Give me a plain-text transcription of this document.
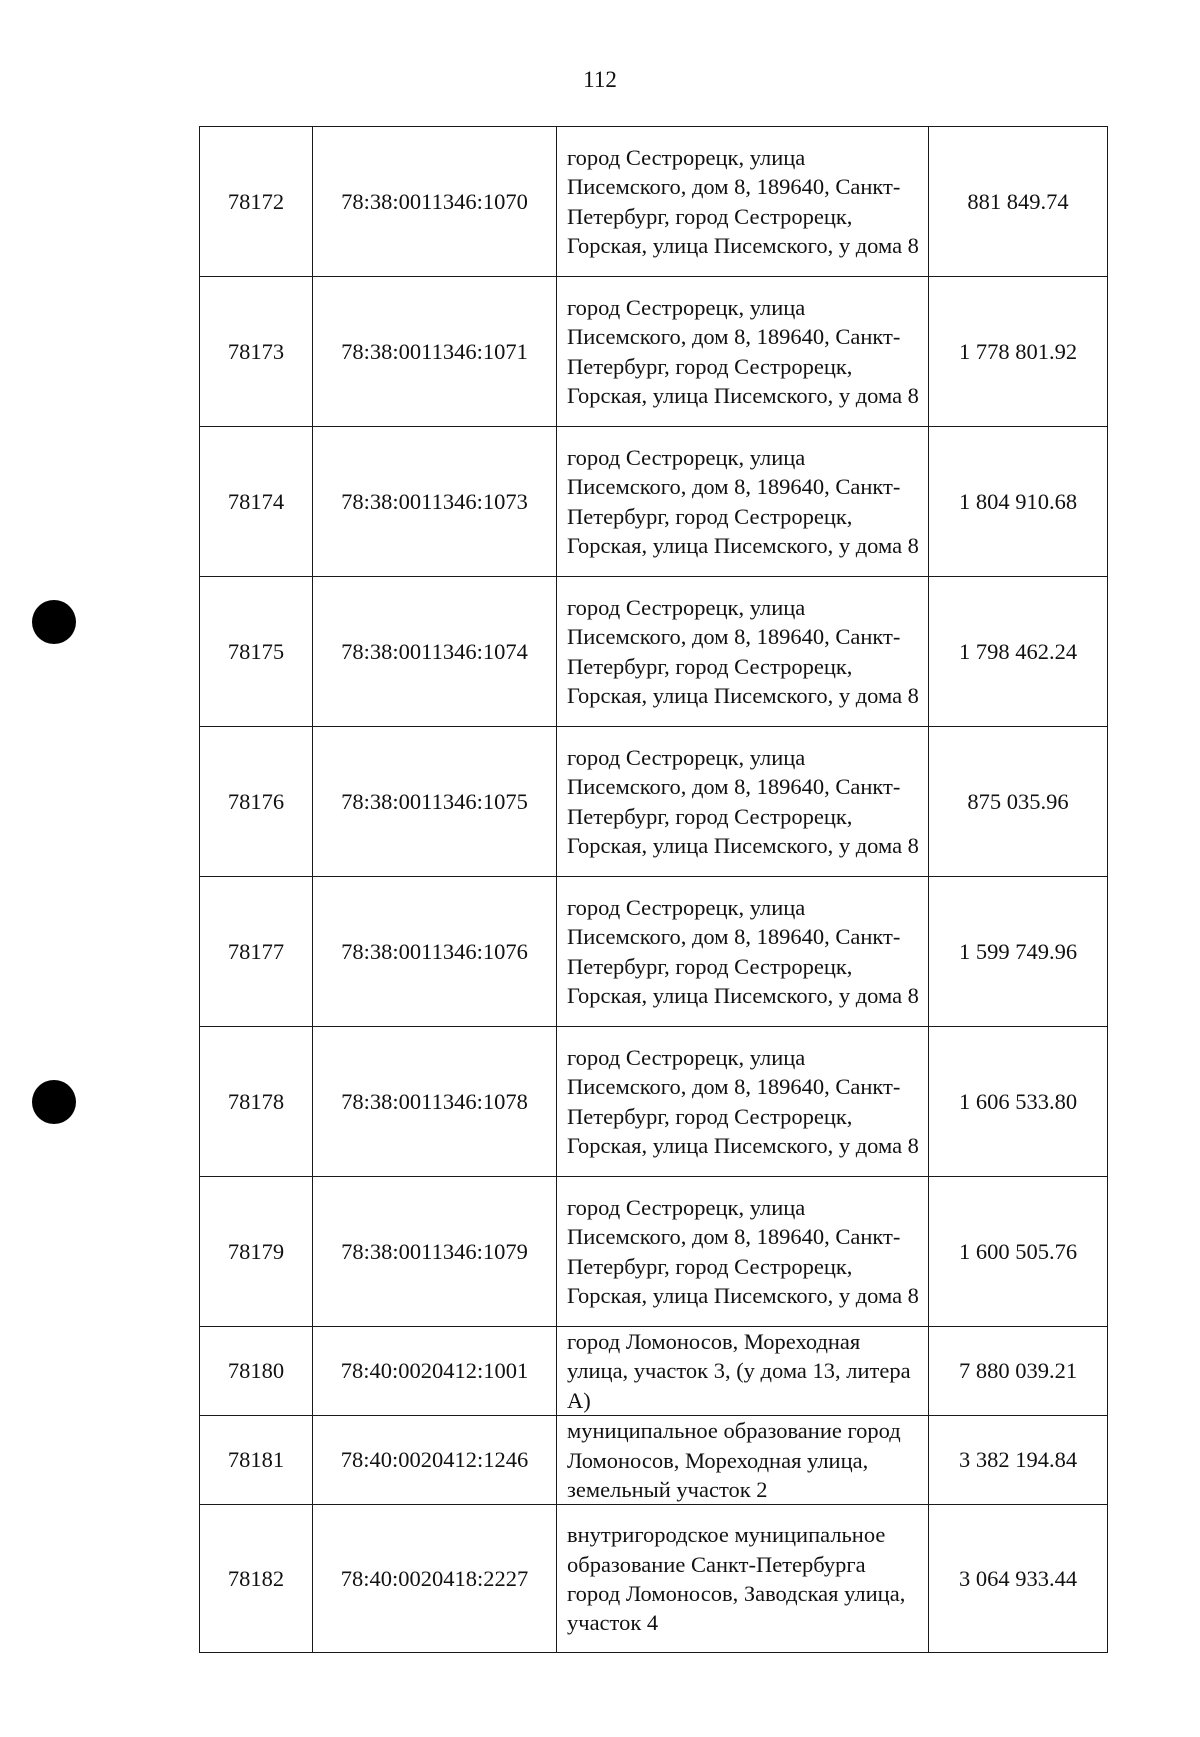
112
78172	78:38:0011346:1070	город Сестрорецк, улица Писемского, дом 8, 189640, Санкт-Петербург, город Сестрорецк, Горская, улица Писемского, у дома 8	881 849.74
78173	78:38:0011346:1071	город Сестрорецк, улица Писемского, дом 8, 189640, Санкт-Петербург, город Сестрорецк, Горская, улица Писемского, у дома 8	1 778 801.92
78174	78:38:0011346:1073	город Сестрорецк, улица Писемского, дом 8, 189640, Санкт-Петербург, город Сестрорецк, Горская, улица Писемского, у дома 8	1 804 910.68
78175	78:38:0011346:1074	город Сестрорецк, улица Писемского, дом 8, 189640, Санкт-Петербург, город Сестрорецк, Горская, улица Писемского, у дома 8	1 798 462.24
78176	78:38:0011346:1075	город Сестрорецк, улица Писемского, дом 8, 189640, Санкт-Петербург, город Сестрорецк, Горская, улица Писемского, у дома 8	875 035.96
78177	78:38:0011346:1076	город Сестрорецк, улица Писемского, дом 8, 189640, Санкт-Петербург, город Сестрорецк, Горская, улица Писемского, у дома 8	1 599 749.96
78178	78:38:0011346:1078	город Сестрорецк, улица Писемского, дом 8, 189640, Санкт-Петербург, город Сестрорецк, Горская, улица Писемского, у дома 8	1 606 533.80
78179	78:38:0011346:1079	город Сестрорецк, улица Писемского, дом 8, 189640, Санкт-Петербург, город Сестрорецк, Горская, улица Писемского, у дома 8	1 600 505.76
78180	78:40:0020412:1001	город Ломоносов, Мореходная улица, участок 3, (у дома 13, литера А)	7 880 039.21
78181	78:40:0020412:1246	муниципальное образование город Ломоносов, Мореходная улица, земельный участок 2	3 382 194.84
78182	78:40:0020418:2227	внутригородское муниципальное образование Санкт-Петербурга город Ломоносов, Заводская улица, участок 4	3 064 933.44
